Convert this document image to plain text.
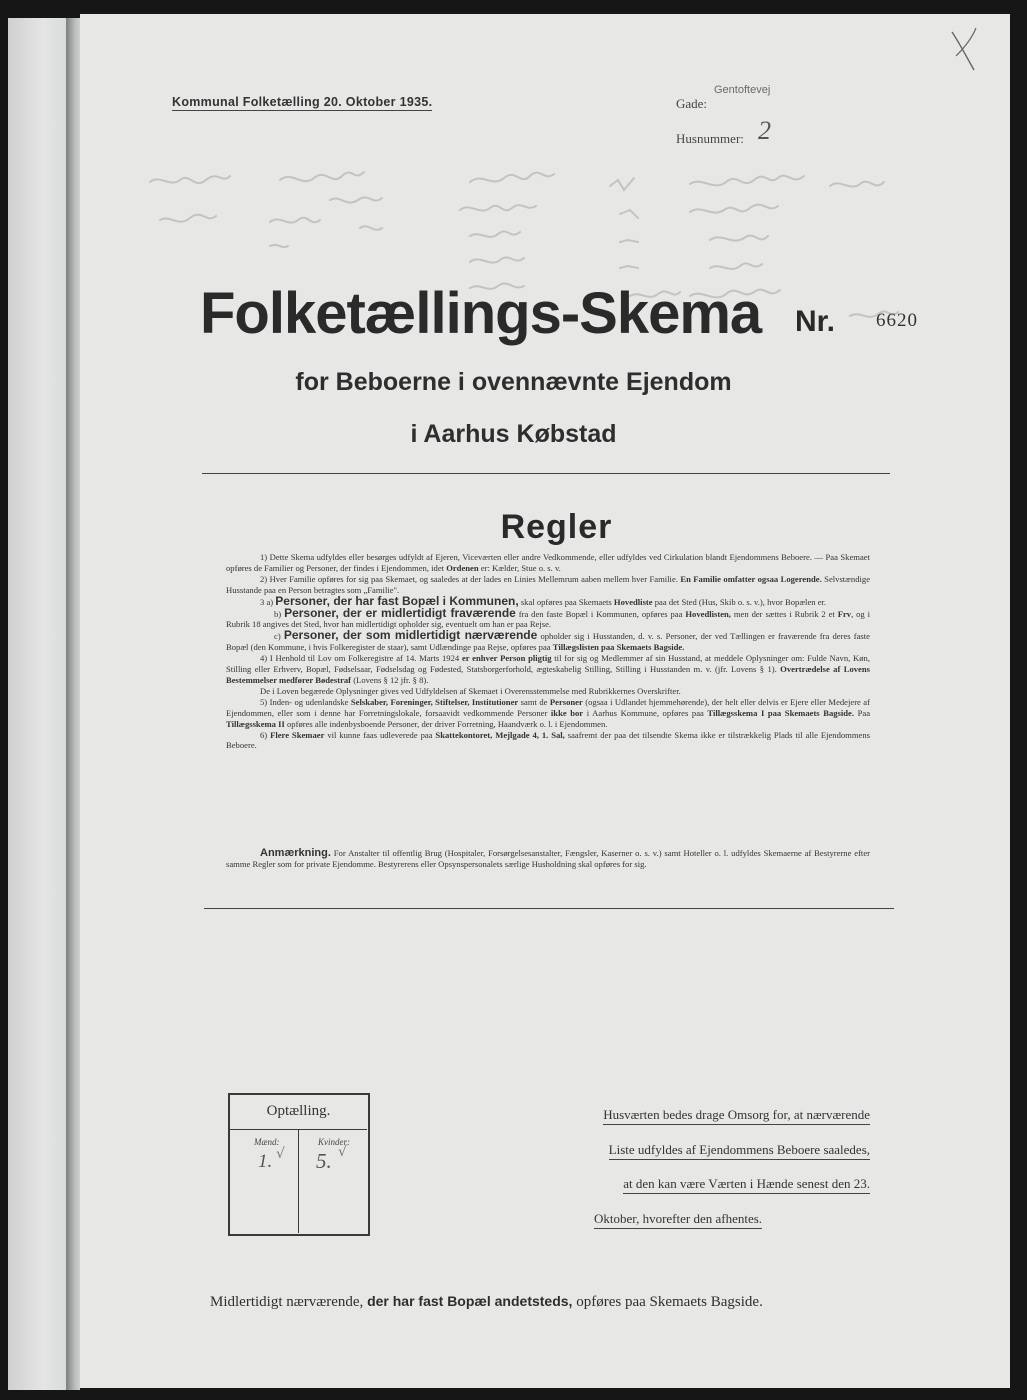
Kommunal Folketælling 20. Oktober 1935.	Gade:
Gentoftevej
Husnummer: 2
Folketællings-Skema Nr. 6620
for Beboerne i ovennævnte Ejendom
i Aarhus Købstad
Regler

1) Dette Skema udfyldes eller besørges udfyldt af Ejeren, Viceværten eller andre Vedkommende, eller udfyldes ved Cirkulation blandt Ejendommens Beboere. — Paa Skemaet opføres de Familier og Personer, der findes i Ejendommen, idet Ordenen er: Kælder, Stue o. s. v.

2) Hver Familie opføres for sig paa Skemaet, og saaledes at der lades en Linies Mellemrum aaben mellem hver Familie. En Familie omfatter ogsaa Logerende. Selvstændige Husstande paa en Person betragtes som „Familie".

3 a) Personer, der har fast Bopæl i Kommunen, skal opføres paa Skemaets Hovedliste paa det Sted (Hus, Skib o. s. v.), hvor Bopælen er.

b) Personer, der er midlertidigt fraværende fra den faste Bopæl i Kommunen, opføres paa Hovedlisten, men der sættes i Rubrik 2 et Frv, og i Rubrik 18 angives det Sted, hvor han midlertidigt opholder sig, eventuelt om han er paa Rejse.

c) Personer, der som midlertidigt nærværende opholder sig i Husstanden, d. v. s. Personer, der ved Tællingen er fraværende fra deres faste Bopæl (den Kommune, i hvis Folkeregister de staar), samt Udlændinge paa Rejse, opføres paa Tillægslisten paa Skemaets Bagside.

4) I Henhold til Lov om Folkeregistre af 14. Marts 1924 er enhver Person pligtig til for sig og Medlemmer af sin Husstand, at meddele Oplysninger om: Fulde Navn, Køn, Stilling eller Erhverv, Bopæl, Fødselsaar, Fødselsdag og Fødested, Statsborgerforhold, ægteskabelig Stilling, Stilling i Husstanden m. v. (jfr. Lovens § 1). Overtrædelse af Lovens Bestemmelser medfører Bødestraf (Lovens § 12 jfr. § 8).

De i Loven begærede Oplysninger gives ved Udfyldelsen af Skemaet i Overensstemmelse med Rubrikkernes Overskrifter.

5) Inden- og udenlandske Selskaber, Foreninger, Stiftelser, Institutioner samt de Personer (ogsaa i Udlandet hjemmehørende), der helt eller delvis er Ejere eller Medejere af Ejendommen, eller som i denne har Forretningslokale, forsaavidt vedkommende Personer ikke bor i Aarhus Kommune, opføres paa Tillægsskema I paa Skemaets Bagside. Paa Tillægsskema II opføres alle indenbysboende Personer, der driver Forretning, Haandværk o. l. i Ejendommen.

6) Flere Skemaer vil kunne faas udleverede paa Skattekontoret, Mejlgade 4, 1. Sal, saafremt der paa det tilsendte Skema ikke er tilstrækkelig Plads til alle Ejendommens Beboere.

Anmærkning. For Anstalter til offentlig Brug (Hospitaler, Forsørgelsesanstalter, Fængsler, Kaserner o. s. v.) samt Hoteller o. l. udfyldes Skemaerne af Bestyrerne efter samme Regler som for private Ejendomme. Bestyrerens eller Opsynspersonalets særlige Husholdning skal opføres for sig.

Optælling.
Mænd:	Kvinder:
1. 5.
√	√
Husværten bedes drage Omsorg for, at nærværende
Liste udfyldes af Ejendommens Beboere saaledes,
at den kan være Værten i Hænde senest den 23.
Oktober, hvorefter den afhentes.
Midlertidigt nærværende, der har fast Bopæl andetsteds, opføres paa Skemaets Bagside.
